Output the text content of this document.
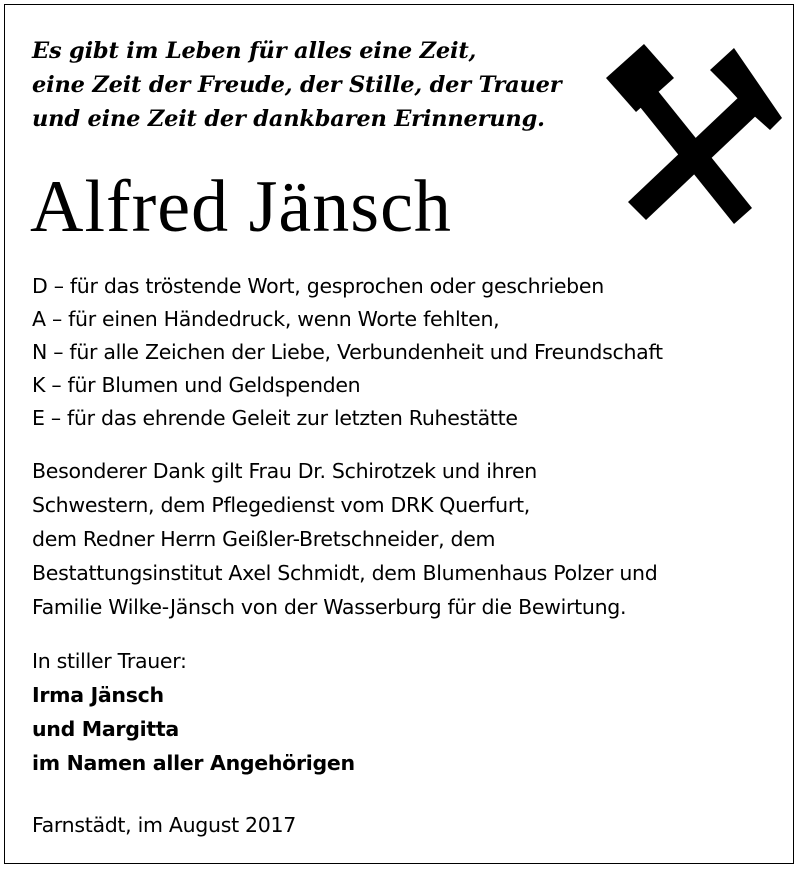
Es gibt im Leben für alles eine Zeit,
eine Zeit der Freude, der Stille, der Trauer
und eine Zeit der dankbaren Erinnerung.
Alfred Jänsch
D – für das tröstende Wort, gesprochen oder geschrieben
A – für einen Händedruck, wenn Worte fehlten,
N – für alle Zeichen der Liebe, Verbundenheit und Freundschaft
K – für Blumen und Geldspenden
E – für das ehrende Geleit zur letzten Ruhestätte
Besonderer Dank gilt Frau Dr. Schirotzek und ihren
Schwestern, dem Pflegedienst vom DRK Querfurt,
dem Redner Herrn Geißler-Bretschneider, dem
Bestattungsinstitut Axel Schmidt, dem Blumenhaus Polzer und
Familie Wilke-Jänsch von der Wasserburg für die Bewirtung.
In stiller Trauer:
Irma Jänsch
und Margitta
im Namen aller Angehörigen
Farnstädt, im August 2017
